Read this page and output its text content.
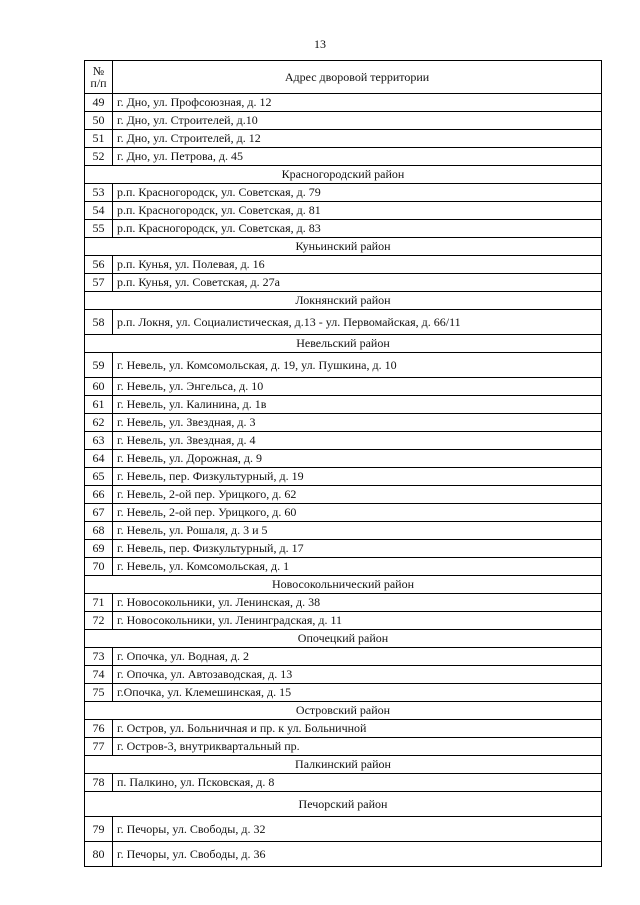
13
№
п/п	Адрес дворовой территории
49	г. Дно, ул. Профсоюзная, д. 12
50	г. Дно, ул. Строителей, д.10
51	г. Дно, ул. Строителей, д. 12
52	г. Дно, ул. Петрова, д. 45
Красногородский район	
53	р.п. Красногородск, ул. Советская, д. 79
54	р.п. Красногородск, ул. Советская, д. 81
55	р.п. Красногородск, ул. Советская, д. 83
Куньинский район	
56	р.п. Кунья, ул. Полевая, д. 16
57	р.п. Кунья, ул. Советская, д. 27а
Локнянский район	
58	р.п. Локня, ул. Социалистическая, д.13 - ул. Первомайская, д. 66/11
Невельский район	
59	г. Невель, ул. Комсомольская, д. 19, ул. Пушкина, д. 10
60	г. Невель, ул. Энгельса, д. 10
61	г. Невель, ул. Калинина, д. 1в
62	г. Невель, ул. Звездная, д. 3
63	г. Невель, ул. Звездная, д. 4
64	г. Невель, ул. Дорожная, д. 9
65	г. Невель, пер. Физкультурный, д. 19
66	г. Невель, 2-ой пер. Урицкого, д. 62
67	г. Невель, 2-ой пер. Урицкого, д. 60
68	г. Невель, ул. Рошаля, д. 3 и 5
69	г. Невель, пер. Физкультурный, д. 17
70	г. Невель, ул. Комсомольская, д. 1
Новосокольнический район	
71	г. Новосокольники, ул. Ленинская, д. 38
72	г. Новосокольники, ул. Ленинградская, д. 11
Опочецкий район	
73	г. Опочка, ул. Водная, д. 2
74	г. Опочка, ул. Автозаводская, д. 13
75	г.Опочка, ул. Клемешинская, д. 15
Островский район	
76	г. Остров, ул. Больничная и пр. к ул. Больничной
77	г. Остров-3, внутриквартальный пр.
Палкинский район	
78	п. Палкино, ул. Псковская, д. 8
Печорский район	
79	г. Печоры, ул. Свободы, д. 32
80	г. Печоры, ул. Свободы, д. 36
